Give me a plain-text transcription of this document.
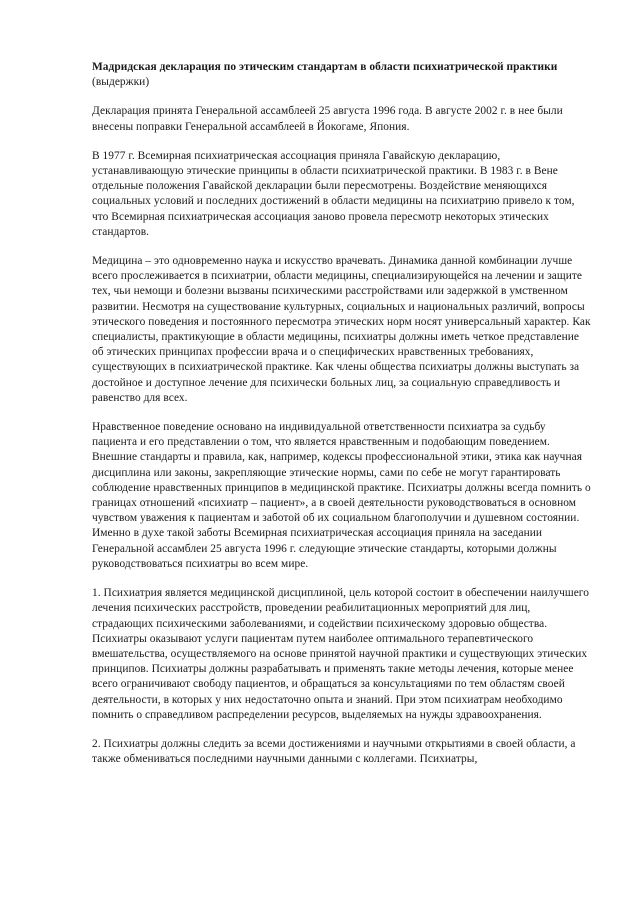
Мадридская декларация по этическим стандартам в области психиатрической практики (выдержки)

Декларация принята Генеральной ассамблеей 25 августа 1996 года. В августе 2002 г. в нее были внесены поправки Генеральной ассамблеей в Йокогаме, Япония.

В 1977 г. Всемирная психиатрическая ассоциация приняла Гавайскую декларацию, устанавливающую этические принципы в области психиатрической практики. В 1983 г. в Вене отдельные положения Гавайской декларации были пересмотрены. Воздействие меняющихся социальных условий и последних достижений в области медицины на психиатрию привело к том, что Всемирная психиатрическая ассоциация заново провела пересмотр некоторых этических стандартов.

Медицина – это одновременно наука и искусство врачевать. Динамика данной комбинации лучше всего прослеживается в психиатрии, области медицины, специализирующейся на лечении и защите тех, чьи немощи и болезни вызваны психическими расстройствами или задержкой в умственном развитии. Несмотря на существование культурных, социальных и национальных различий, вопросы этического поведения и постоянного пересмотра этических норм носят универсальный характер. Как специалисты, практикующие в области медицины, психиатры должны иметь четкое представление об этических принципах профессии врача и о специфических нравственных требованиях, существующих в психиатрической практике. Как члены общества психиатры должны выступать за достойное и доступное лечение для психически больных лиц, за социальную справедливость и равенство для всех.

Нравственное поведение основано на индивидуальной ответственности психиатра за судьбу пациента и его представлении о том, что является нравственным и подобающим поведением. Внешние стандарты и правила, как, например, кодексы профессиональной этики, этика как научная дисциплина или законы, закрепляющие этические нормы, сами по себе не могут гарантировать соблюдение нравственных принципов в медицинской практике. Психиатры должны всегда помнить о границах отношений «психиатр – пациент», а в своей деятельности руководствоваться в основном чувством уважения к пациентам и заботой об их социальном благополучии и душевном состоянии.

Именно в духе такой заботы Всемирная психиатрическая ассоциация приняла на заседании Генеральной ассамблеи 25 августа 1996 г. следующие этические стандарты, которыми должны руководствоваться психиатры во всем мире.

1. Психиатрия является медицинской дисциплиной, цель которой состоит в обеспечении наилучшего лечения психических расстройств, проведении реабилитационных мероприятий для лиц, страдающих психическими заболеваниями, и содействии психическому здоровью общества. Психиатры оказывают услуги пациентам путем наиболее оптимального терапевтического вмешательства, осуществляемого на основе принятой научной практики и существующих этических принципов. Психиатры должны разрабатывать и применять такие методы лечения, которые менее всего ограничивают свободу пациентов, и обращаться за консультациями по тем областям своей деятельности, в которых у них недостаточно опыта и знаний. При этом психиатрам необходимо помнить о справедливом распределении ресурсов, выделяемых на нужды здравоохранения.

2. Психиатры должны следить за всеми достижениями и научными открытиями в своей области, а также обмениваться последними научными данными с коллегами. Психиатры,
